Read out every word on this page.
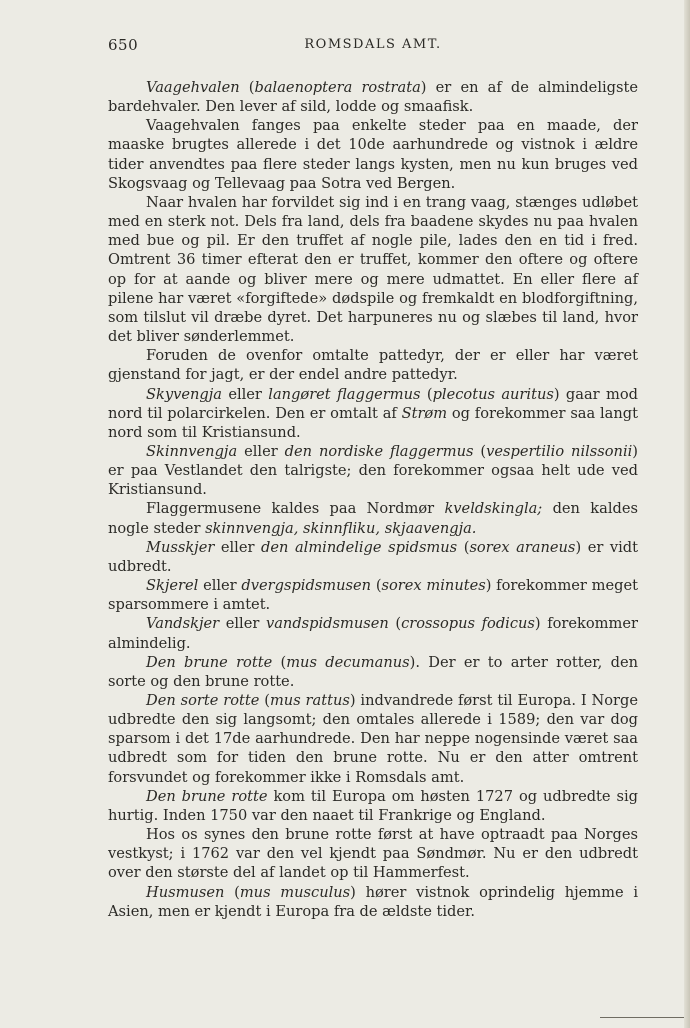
650	ROMSDALS AMT.

Vaagehvalen (balaenoptera rostrata) er en af de almindeligste bardehvaler. Den lever af sild, lodde og smaafisk.

Vaagehvalen fanges paa enkelte steder paa en maade, der maaske brugtes allerede i det 10de aarhundrede og vistnok i ældre tider anvendtes paa flere steder langs kysten, men nu kun bruges ved Skogsvaag og Tellevaag paa Sotra ved Bergen.

Naar hvalen har forvildet sig ind i en trang vaag, stænges udløbet med en sterk not. Dels fra land, dels fra baadene skydes nu paa hvalen med bue og pil. Er den truffet af nogle pile, lades den en tid i fred. Omtrent 36 timer efterat den er truffet, kommer den oftere og oftere op for at aande og bliver mere og mere udmattet. En eller flere af pilene har været «forgiftede» dødspile og fremkaldt en blodforgiftning, som tilslut vil dræbe dyret. Det harpuneres nu og slæbes til land, hvor det bliver sønderlemmet.

Foruden de ovenfor omtalte pattedyr, der er eller har været gjenstand for jagt, er der endel andre pattedyr.

Skyvengja eller langøret flaggermus (plecotus auritus) gaar mod nord til polarcirkelen. Den er omtalt af Strøm og forekommer saa langt nord som til Kristiansund.

Skinnvengja eller den nordiske flaggermus (vespertilio nilssonii) er paa Vestlandet den talrigste; den forekommer ogsaa helt ude ved Kristiansund.

Flaggermusene kaldes paa Nordmør kveldskingla; den kaldes nogle steder skinnvengja, skinnfliku, skjaavengja.

Musskjer eller den almindelige spidsmus (sorex araneus) er vidt udbredt.

Skjerel eller dvergspidsmusen (sorex minutes) forekommer meget sparsommere i amtet.

Vandskjer eller vandspidsmusen (crossopus fodicus) forekommer almindelig.

Den brune rotte (mus decumanus). Der er to arter rotter, den sorte og den brune rotte.

Den sorte rotte (mus rattus) indvandrede først til Europa. I Norge udbredte den sig langsomt; den omtales allerede i 1589; den var dog sparsom i det 17de aarhundrede. Den har neppe nogensinde været saa udbredt som for tiden den brune rotte. Nu er den atter omtrent forsvundet og forekommer ikke i Romsdals amt.

Den brune rotte kom til Europa om høsten 1727 og udbredte sig hurtig. Inden 1750 var den naaet til Frankrige og England.

Hos os synes den brune rotte først at have optraadt paa Norges vestkyst; i 1762 var den vel kjendt paa Søndmør. Nu er den udbredt over den største del af landet op til Hammerfest.

Husmusen (mus musculus) hører vistnok oprindelig hjemme i Asien, men er kjendt i Europa fra de ældste tider.
